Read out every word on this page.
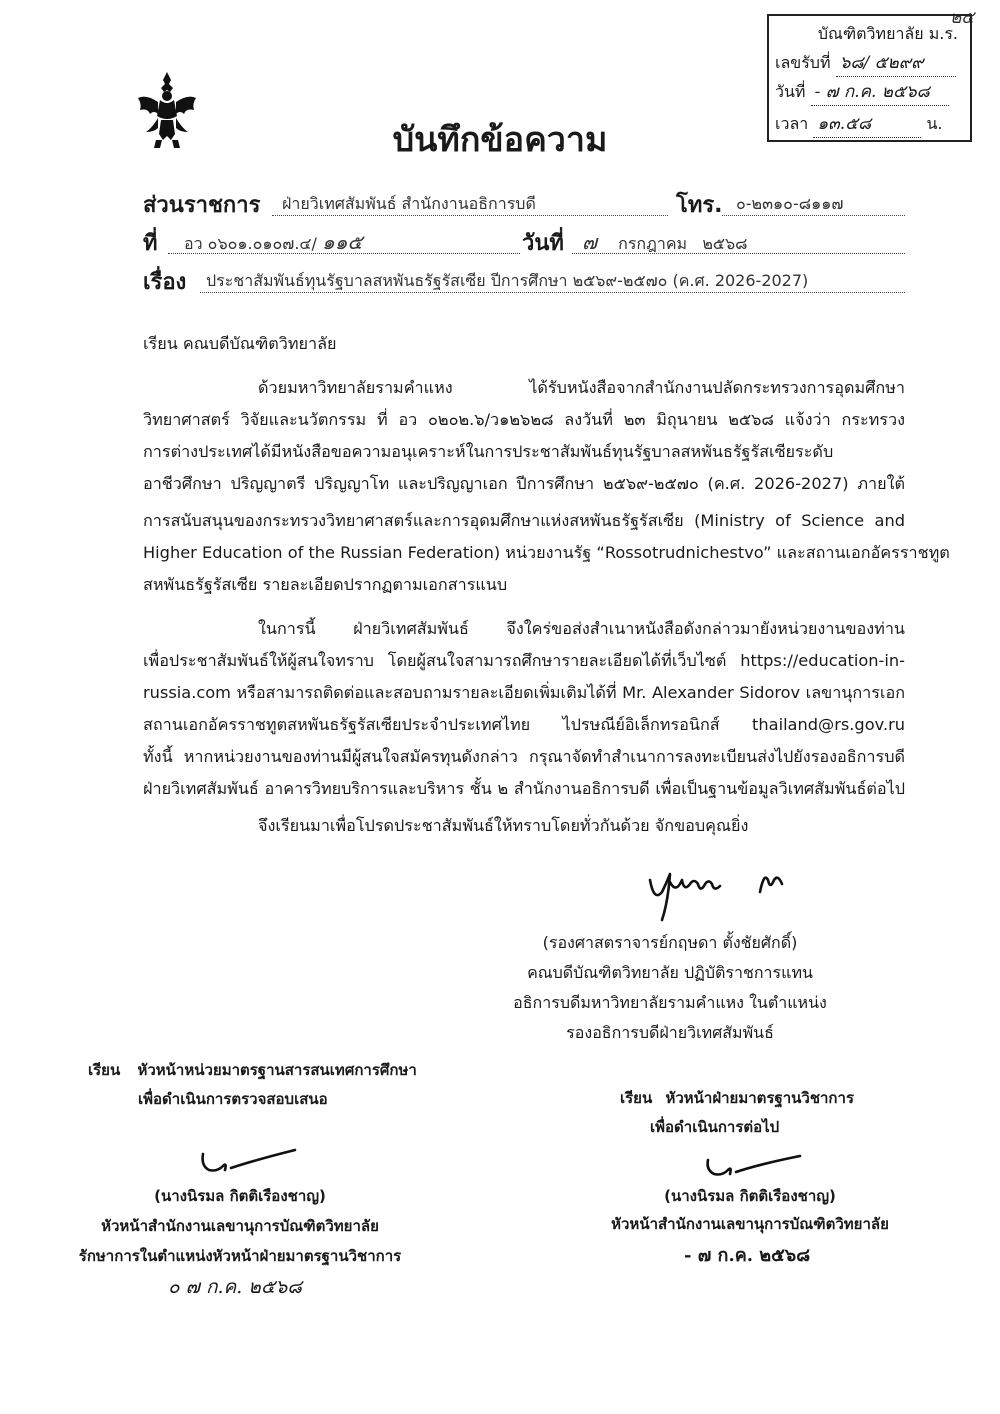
๒๕
บัณฑิตวิทยาลัย ม.ร.
เลขรับที่ ๖๘/ ๕๒๙๙
วันที่ - ๗ ก.ค. ๒๕๖๘
เวลา ๑๓.๕๘	น.
บันทึกข้อความ
ส่วนราชการ	ฝ่ายวิเทศสัมพันธ์ สำนักงานอธิการบดี	โทร. ๐-๒๓๑๐-๘๑๑๗
ที่	อว ๐๖๐๑.๐๑๐๗.๔/ ๑๑๕	วันที่ ๗ กรกฎาคม   ๒๕๖๘
เรื่อง	ประชาสัมพันธ์ทุนรัฐบาลสหพันธรัฐรัสเซีย ปีการศึกษา ๒๕๖๙-๒๕๗๐ (ค.ศ. 2026-2027)
เรียน คณบดีบัณฑิตวิทยาลัย
ด้วยมหาวิทยาลัยรามคำแหง ได้รับหนังสือจากสำนักงานปลัดกระทรวงการอุดมศึกษา
วิทยาศาสตร์ วิจัยและนวัตกรรม ที่ อว ๐๒๐๒.๖/ว๑๒๖๒๘ ลงวันที่ ๒๓ มิถุนายน ๒๕๖๘ แจ้งว่า กระทรวง
การต่างประเทศได้มีหนังสือขอความอนุเคราะห์ในการประชาสัมพันธ์ทุนรัฐบาลสหพันธรัฐรัสเซียระดับ
อาชีวศึกษา ปริญญาตรี ปริญญาโท และปริญญาเอก ปีการศึกษา ๒๕๖๙-๒๕๗๐ (ค.ศ. 2026-2027) ภายใต้
การสนับสนุนของกระทรวงวิทยาศาสตร์และการอุดมศึกษาแห่งสหพันธรัฐรัสเซีย (Ministry of Science and
Higher Education of the Russian Federation) หน่วยงานรัฐ “Rossotrudnichestvo” และสถานเอกอัครราชทูต
สหพันธรัฐรัสเซีย รายละเอียดปรากฏตามเอกสารแนบ
ในการนี้ ฝ่ายวิเทศสัมพันธ์ จึงใคร่ขอส่งสำเนาหนังสือดังกล่าวมายังหน่วยงานของท่าน
เพื่อประชาสัมพันธ์ให้ผู้สนใจทราบ โดยผู้สนใจสามารถศึกษารายละเอียดได้ที่เว็บไซต์ https://education-in-
russia.com หรือสามารถติดต่อและสอบถามรายละเอียดเพิ่มเติมได้ที่ Mr. Alexander Sidorov เลขานุการเอก
สถานเอกอัครราชทูตสหพันธรัฐรัสเซียประจำประเทศไทย ไปรษณีย์อิเล็กทรอนิกส์ thailand@rs.gov.ru
ทั้งนี้ หากหน่วยงานของท่านมีผู้สนใจสมัครทุนดังกล่าว กรุณาจัดทำสำเนาการลงทะเบียนส่งไปยังรองอธิการบดี
ฝ่ายวิเทศสัมพันธ์ อาคารวิทยบริการและบริหาร ชั้น ๒ สำนักงานอธิการบดี เพื่อเป็นฐานข้อมูลวิเทศสัมพันธ์ต่อไป
จึงเรียนมาเพื่อโปรดประชาสัมพันธ์ให้ทราบโดยทั่วกันด้วย จักขอบคุณยิ่ง
(รองศาสตราจารย์กฤษดา ตั้งชัยศักดิ์)
คณบดีบัณฑิตวิทยาลัย ปฏิบัติราชการแทน
อธิการบดีมหาวิทยาลัยรามคำแหง ในตำแหน่ง
รองอธิการบดีฝ่ายวิเทศสัมพันธ์
เรียน หัวหน้าหน่วยมาตรฐานสารสนเทศการศึกษา
เพื่อดำเนินการตรวจสอบเสนอ
(นางนิรมล กิตติเรืองชาญ)
หัวหน้าสำนักงานเลขานุการบัณฑิตวิทยาลัย
รักษาการในตำแหน่งหัวหน้าฝ่ายมาตรฐานวิชาการ
๐ ๗ ก.ค. ๒๕๖๘
เรียน หัวหน้าฝ่ายมาตรฐานวิชาการ
เพื่อดำเนินการต่อไป
(นางนิรมล กิตติเรืองชาญ)
หัวหน้าสำนักงานเลขานุการบัณฑิตวิทยาลัย
- ๗ ก.ค. ๒๕๖๘
